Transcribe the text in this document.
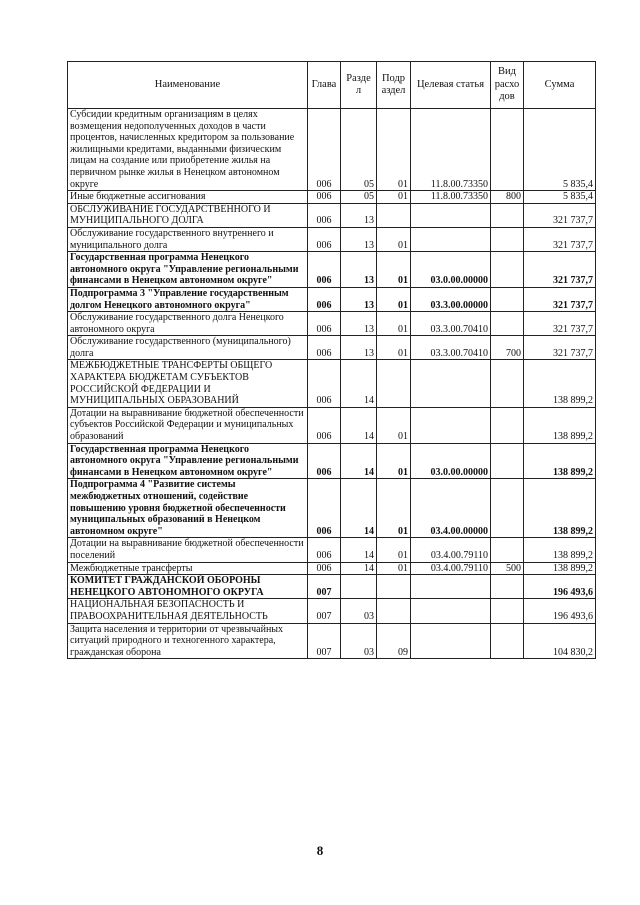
Наименование	Глава	Разде л	Подр аздел	Целевая статья	Вид расхо дов	Сумма
Субсидии кредитным организациям в целях возмещения недополученных доходов в части процентов, начисленных кредитором за пользование жилищными кредитами, выданными физическим лицам на создание или приобретение жилья на первичном рынке жилья в Ненецком автономном округе	006	05	01	11.8.00.73350		5 835,4
Иные бюджетные ассигнования	006	05	01	11.8.00.73350	800	5 835,4
ОБСЛУЖИВАНИЕ ГОСУДАРСТВЕННОГО И МУНИЦИПАЛЬНОГО ДОЛГА	006	13				321 737,7
Обслуживание государственного внутреннего и муниципального долга	006	13	01			321 737,7
Государственная программа Ненецкого автономного округа "Управление региональными финансами в Ненецком автономном округе"	006	13	01	03.0.00.00000		321 737,7
Подпрограмма 3 "Управление государственным долгом Ненецкого автономного округа"	006	13	01	03.3.00.00000		321 737,7
Обслуживание государственного долга Ненецкого автономного округа	006	13	01	03.3.00.70410		321 737,7
Обслуживание государственного (муниципального) долга	006	13	01	03.3.00.70410	700	321 737,7
МЕЖБЮДЖЕТНЫЕ ТРАНСФЕРТЫ ОБЩЕГО ХАРАКТЕРА БЮДЖЕТАМ СУБЪЕКТОВ РОССИЙСКОЙ ФЕДЕРАЦИИ И МУНИЦИПАЛЬНЫХ ОБРАЗОВАНИЙ	006	14				138 899,2
Дотации на выравнивание бюджетной обеспеченности субъектов Российской Федерации и муниципальных образований	006	14	01			138 899,2
Государственная программа Ненецкого автономного округа "Управление региональными финансами в Ненецком автономном округе"	006	14	01	03.0.00.00000		138 899,2
Подпрограмма 4 "Развитие системы межбюджетных отношений, содействие повышению уровня бюджетной обеспеченности муниципальных образований в Ненецком автономном округе"	006	14	01	03.4.00.00000		138 899,2
Дотации на выравнивание бюджетной обеспеченности поселений	006	14	01	03.4.00.79110		138 899,2
Межбюджетные трансферты	006	14	01	03.4.00.79110	500	138 899,2
КОМИТЕТ ГРАЖДАНСКОЙ ОБОРОНЫ НЕНЕЦКОГО АВТОНОМНОГО ОКРУГА	007					196 493,6
НАЦИОНАЛЬНАЯ БЕЗОПАСНОСТЬ И ПРАВООХРАНИТЕЛЬНАЯ ДЕЯТЕЛЬНОСТЬ	007	03				196 493,6
Защита населения и территории от чрезвычайных ситуаций природного и техногенного характера, гражданская оборона	007	03	09			104 830,2
8
